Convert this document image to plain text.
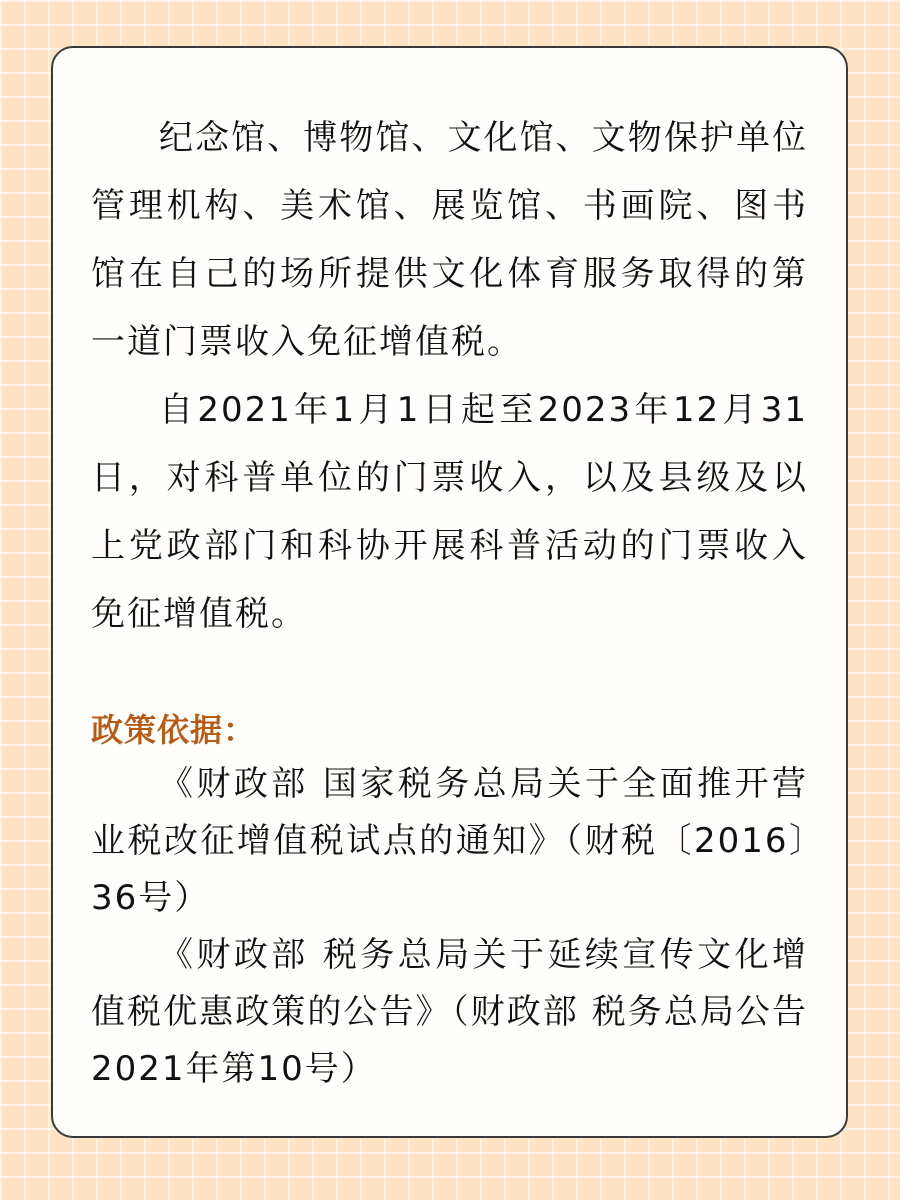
纪念馆、博物馆、文化馆、文物保护单位管理机构、美术馆、展览馆、书画院、图书馆在自己的场所提供文化体育服务取得的第一道门票收入免征增值税。

自2021年1月1日起至2023年12月31日，对科普单位的门票收入，以及县级及以上党政部门和科协开展科普活动的门票收入免征增值税。

政策依据：

《财政部 国家税务总局关于全面推开营业税改征增值税试点的通知》（财税〔2016〕36号）

《财政部 税务总局关于延续宣传文化增值税优惠政策的公告》（财政部 税务总局公告2021年第10号）
